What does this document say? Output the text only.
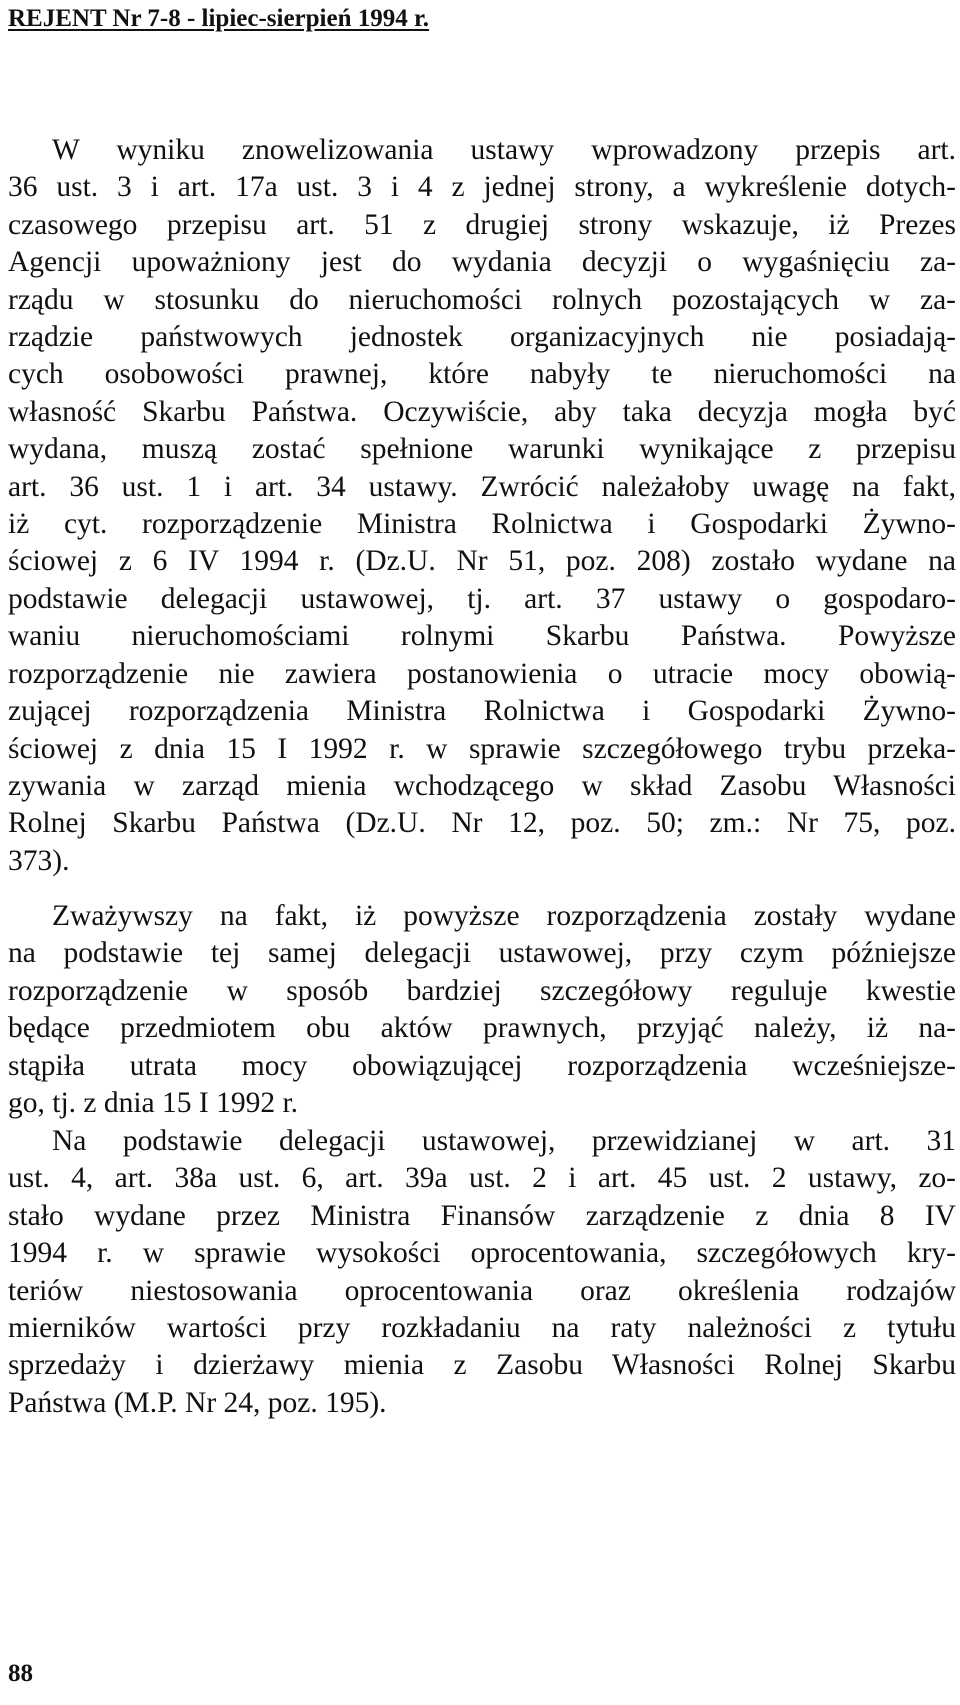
REJENT Nr 7-8 - lipiec-sierpień 1994 r.
W wyniku znowelizowania ustawy wprowadzony przepis art.
36 ust. 3 i art. 17a ust. 3 i 4 z jednej strony, a wykreślenie dotych-
czasowego przepisu art. 51 z drugiej strony wskazuje, iż Prezes
Agencji upoważniony jest do wydania decyzji o wygaśnięciu za-
rządu w stosunku do nieruchomości rolnych pozostających w za-
rządzie państwowych jednostek organizacyjnych nie posiadają-
cych osobowości prawnej, które nabyły te nieruchomości na
własność Skarbu Państwa. Oczywiście, aby taka decyzja mogła być
wydana, muszą zostać spełnione warunki wynikające z przepisu
art. 36 ust. 1 i art. 34 ustawy. Zwrócić należałoby uwagę na fakt,
iż cyt. rozporządzenie Ministra Rolnictwa i Gospodarki Żywno-
ściowej z 6 IV 1994 r. (Dz.U. Nr 51, poz. 208) zostało wydane na
podstawie delegacji ustawowej, tj. art. 37 ustawy o gospodaro-
waniu nieruchomościami rolnymi Skarbu Państwa. Powyższe
rozporządzenie nie zawiera postanowienia o utracie mocy obowią-
zującej rozporządzenia Ministra Rolnictwa i Gospodarki Żywno-
ściowej z dnia 15 I 1992 r. w sprawie szczegółowego trybu przeka-
zywania w zarząd mienia wchodzącego w skład Zasobu Własności
Rolnej Skarbu Państwa (Dz.U. Nr 12, poz. 50; zm.: Nr 75, poz.
373).
Zważywszy na fakt, iż powyższe rozporządzenia zostały wydane
na podstawie tej samej delegacji ustawowej, przy czym późniejsze
rozporządzenie w sposób bardziej szczegółowy reguluje kwestie
będące przedmiotem obu aktów prawnych, przyjąć należy, iż na-
stąpiła utrata mocy obowiązującej rozporządzenia wcześniejsze-
go, tj. z dnia 15 I 1992 r.
Na podstawie delegacji ustawowej, przewidzianej w art. 31
ust. 4, art. 38a ust. 6, art. 39a ust. 2 i art. 45 ust. 2 ustawy, zo-
stało wydane przez Ministra Finansów zarządzenie z dnia 8 IV
1994 r. w sprawie wysokości oprocentowania, szczegółowych kry-
teriów niestosowania oprocentowania oraz określenia rodzajów
mierników wartości przy rozkładaniu na raty należności z tytułu
sprzedaży i dzierżawy mienia z Zasobu Własności Rolnej Skarbu
Państwa (M.P. Nr 24, poz. 195).
88
